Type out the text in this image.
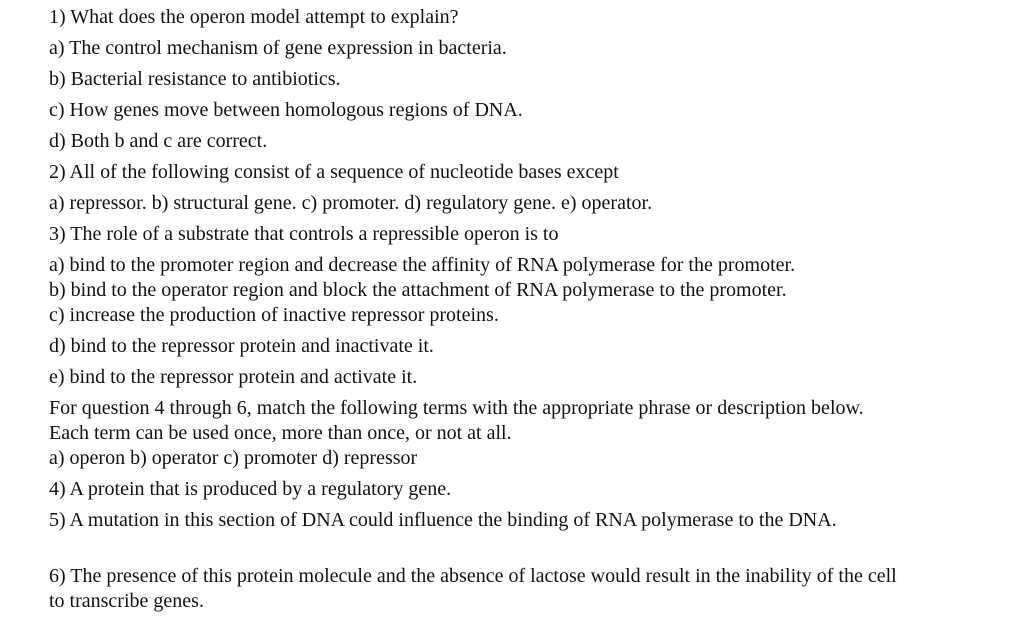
1) What does the operon model attempt to explain?

a) The control mechanism of gene expression in bacteria.

b) Bacterial resistance to antibiotics.

c) How genes move between homologous regions of DNA.

d) Both b and c are correct.

2) All of the following consist of a sequence of nucleotide bases except

a) repressor. b) structural gene. c) promoter. d) regulatory gene. e) operator.

3) The role of a substrate that controls a repressible operon is to

a) bind to the promoter region and decrease the affinity of RNA polymerase for the promoter.

b) bind to the operator region and block the attachment of RNA polymerase to the promoter.

c) increase the production of inactive repressor proteins.

d) bind to the repressor protein and inactivate it.

e) bind to the repressor protein and activate it.

For question 4 through 6, match the following terms with the appropriate phrase or description below. Each term can be used once, more than once, or not at all.

a) operon b) operator c) promoter d) repressor

4) A protein that is produced by a regulatory gene.

5) A mutation in this section of DNA could influence the binding of RNA polymerase to the DNA.

6) The presence of this protein molecule and the absence of lactose would result in the inability of the cell to transcribe genes.
